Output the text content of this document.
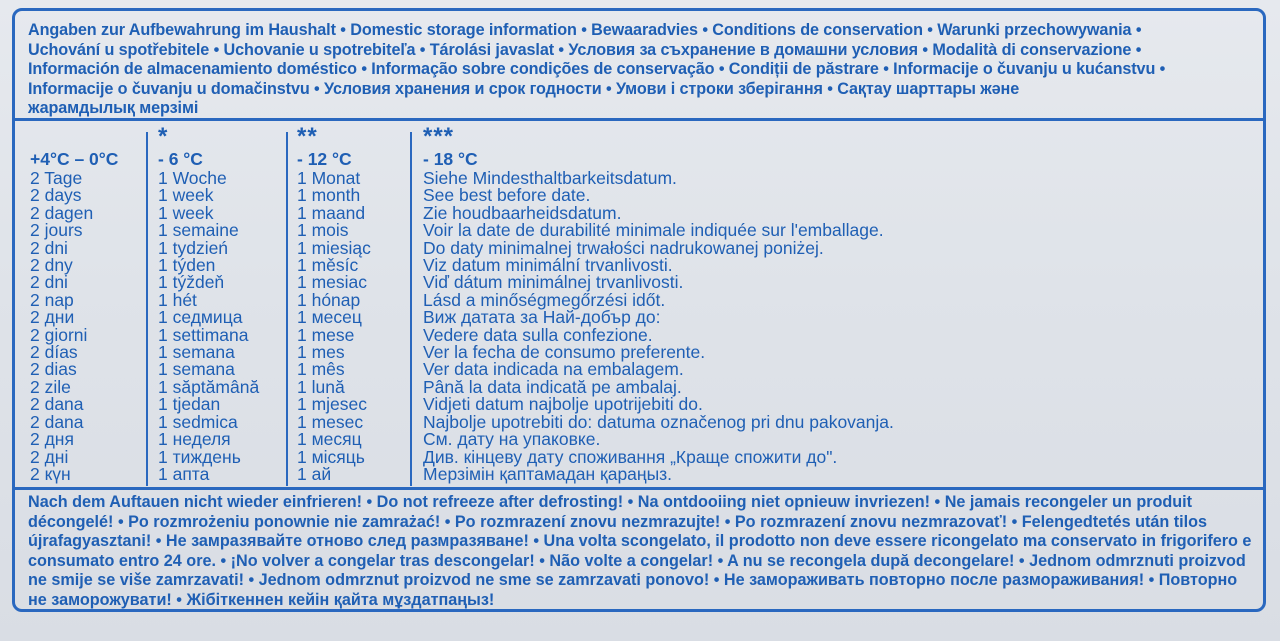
Angaben zur Aufbewahrung im Haushalt • Domestic storage information • Bewaaradvies • Conditions de conservation • Warunki przechowywania •
Uchování u spotřebitele • Uchovanie u spotrebiteľa • Tárolási javaslat • Условия за съхранение в домашни условия • Modalità di conservazione •
Información de almacenamiento doméstico • Informação sobre condições de conservação • Condiții de păstrare • Informacije o čuvanju u kućanstvu •
Informacije o čuvanju u domačinstvu • Условия хранения и срок годности • Умови і строки зберігання • Сақтау шарттары және
жарамдылық мерзімі
+4°C – 0°C
2 Tage
2 days
2 dagen
2 jours
2 dni
2 dny
2 dni
2 nap
2 дни
2 giorni
2 días
2 dias
2 zile
2 dana
2 dana
2 дня
2 дні
2 күн
*
- 6 °C
1 Woche
1 week
1 week
1 semaine
1 tydzień
1 týden
1 týždeň
1 hét
1 седмица
1 settimana
1 semana
1 semana
1 săptămână
1 tjedan
1 sedmica
1 неделя
1 тиждень
1 апта
**
- 12 °C
1 Monat
1 month
1 maand
1 mois
1 miesiąc
1 měsíc
1 mesiac
1 hónap
1 месец
1 mese
1 mes
1 mês
1 lună
1 mjesec
1 mesec
1 месяц
1 місяць
1 ай
***
- 18 °C
Siehe Mindesthaltbarkeitsdatum.
See best before date.
Zie houdbaarheidsdatum.
Voir la date de durabilité minimale indiquée sur l'emballage.
Do daty minimalnej trwałości nadrukowanej poniżej.
Viz datum minimální trvanlivosti.
Viď dátum minimálnej trvanlivosti.
Lásd a minőségmegőrzési időt.
Виж датата за Най-добър до:
Vedere data sulla confezione.
Ver la fecha de consumo preferente.
Ver data indicada na embalagem.
Până la data indicată pe ambalaj.
Vidjeti datum najbolje upotrijebiti do.
Najbolje upotrebiti do: datuma označenog pri dnu pakovanja.
См. дату на упаковке.
Див. кінцеву дату споживання „Краще спожити до".
Мерзімін қаптамадан қараңыз.
Nach dem Auftauen nicht wieder einfrieren! • Do not refreeze after defrosting! • Na ontdooiing niet opnieuw invriezen! • Ne jamais recongeler un produit
décongelé! • Po rozmrożeniu ponownie nie zamrażać! • Po rozmrazení znovu nezmrazujte! • Po rozmrazení znovu nezmrazovať! • Felengedtetés után tilos
újrafagyasztani! • Не замразявайте отново след размразяване! • Una volta scongelato, il prodotto non deve essere ricongelato ma conservato in frigorifero e
consumato entro 24 ore. • ¡No volver a congelar tras descongelar! • Não volte a congelar! • A nu se recongela după decongelare! • Jednom odmrznuti proizvod
ne smije se više zamrzavati! • Jednom odmrznut proizvod ne sme se zamrzavati ponovo! • Не замораживать повторно после размораживания! • Повторно
не заморожувати! • Жібіткеннен кейін қайта мұздатпаңыз!
